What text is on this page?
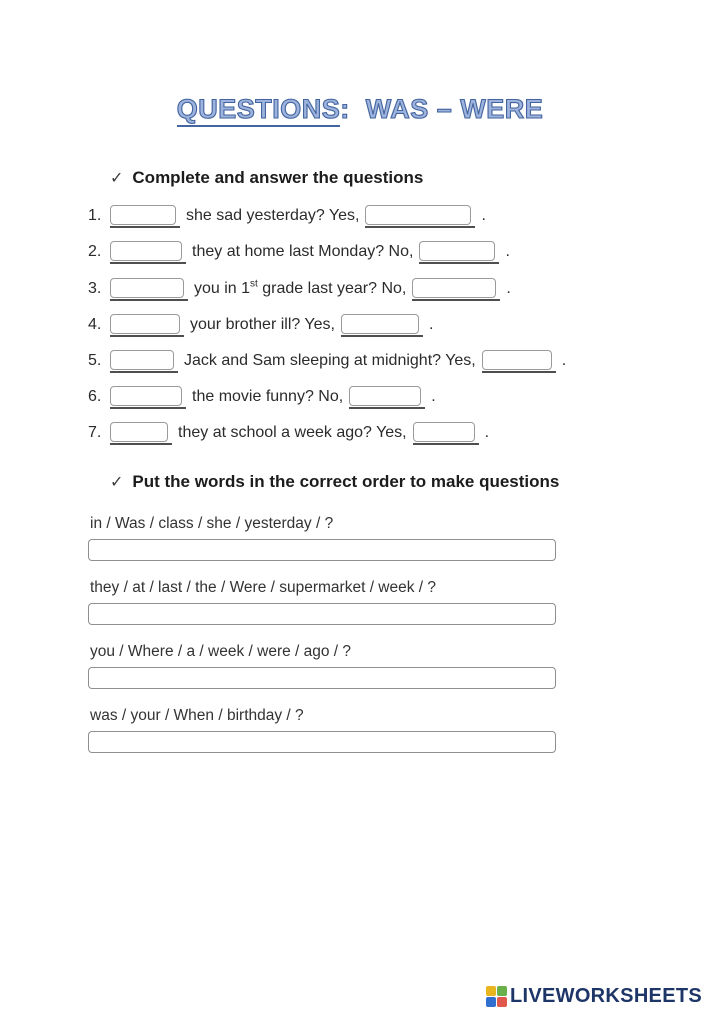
QUESTIONS: WAS – WERE
✓ Complete and answer the questions
1.	she sad yesterday? Yes,	.
2.	they at home last Monday? No,	.
3.	you in 1st grade last year? No,	.
4.	your brother ill? Yes,	.
5.	Jack and Sam sleeping at midnight? Yes,	.
6.	the movie funny? No,	.
7.	they at school a week ago? Yes,	.
✓ Put the words in the correct order to make questions
in / Was / class / she / yesterday / ?
they / at / last / the / Were / supermarket / week / ?
you / Where / a / week / were / ago / ?
was / your / When / birthday / ?
LIVEWORKSHEETS
